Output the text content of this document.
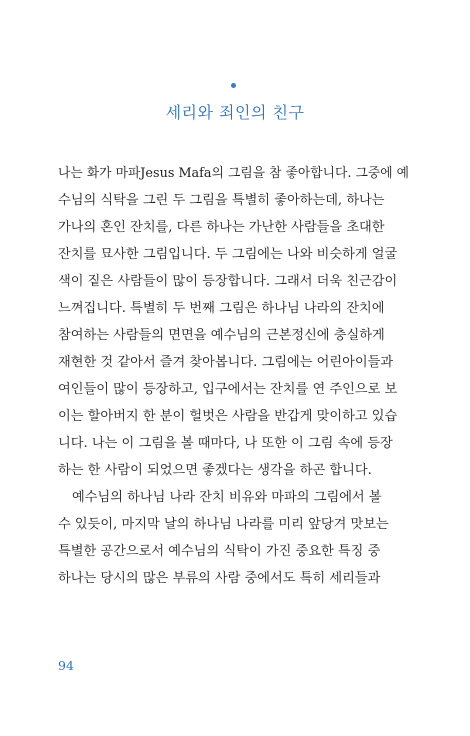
세리와 죄인의 친구
나는 화가 마파Jesus Mafa의 그림을 참 좋아합니다. 그중에 예
수님의 식탁을 그린 두 그림을 특별히 좋아하는데, 하나는
가나의 혼인 잔치를, 다른 하나는 가난한 사람들을 초대한
잔치를 묘사한 그림입니다. 두 그림에는 나와 비슷하게 얼굴
색이 짙은 사람들이 많이 등장합니다. 그래서 더욱 친근감이
느껴집니다. 특별히 두 번째 그림은 하나님 나라의 잔치에
참여하는 사람들의 면면을 예수님의 근본정신에 충실하게
재현한 것 같아서 즐겨 찾아봅니다. 그림에는 어린아이들과
여인들이 많이 등장하고, 입구에서는 잔치를 연 주인으로 보
이는 할아버지 한 분이 헐벗은 사람을 반갑게 맞이하고 있습
니다. 나는 이 그림을 볼 때마다, 나 또한 이 그림 속에 등장
하는 한 사람이 되었으면 좋겠다는 생각을 하곤 합니다.
예수님의 하나님 나라 잔치 비유와 마파의 그림에서 볼
수 있듯이, 마지막 날의 하나님 나라를 미리 앞당겨 맛보는
특별한 공간으로서 예수님의 식탁이 가진 중요한 특징 중
하나는 당시의 많은 부류의 사람 중에서도 특히 세리들과
94
